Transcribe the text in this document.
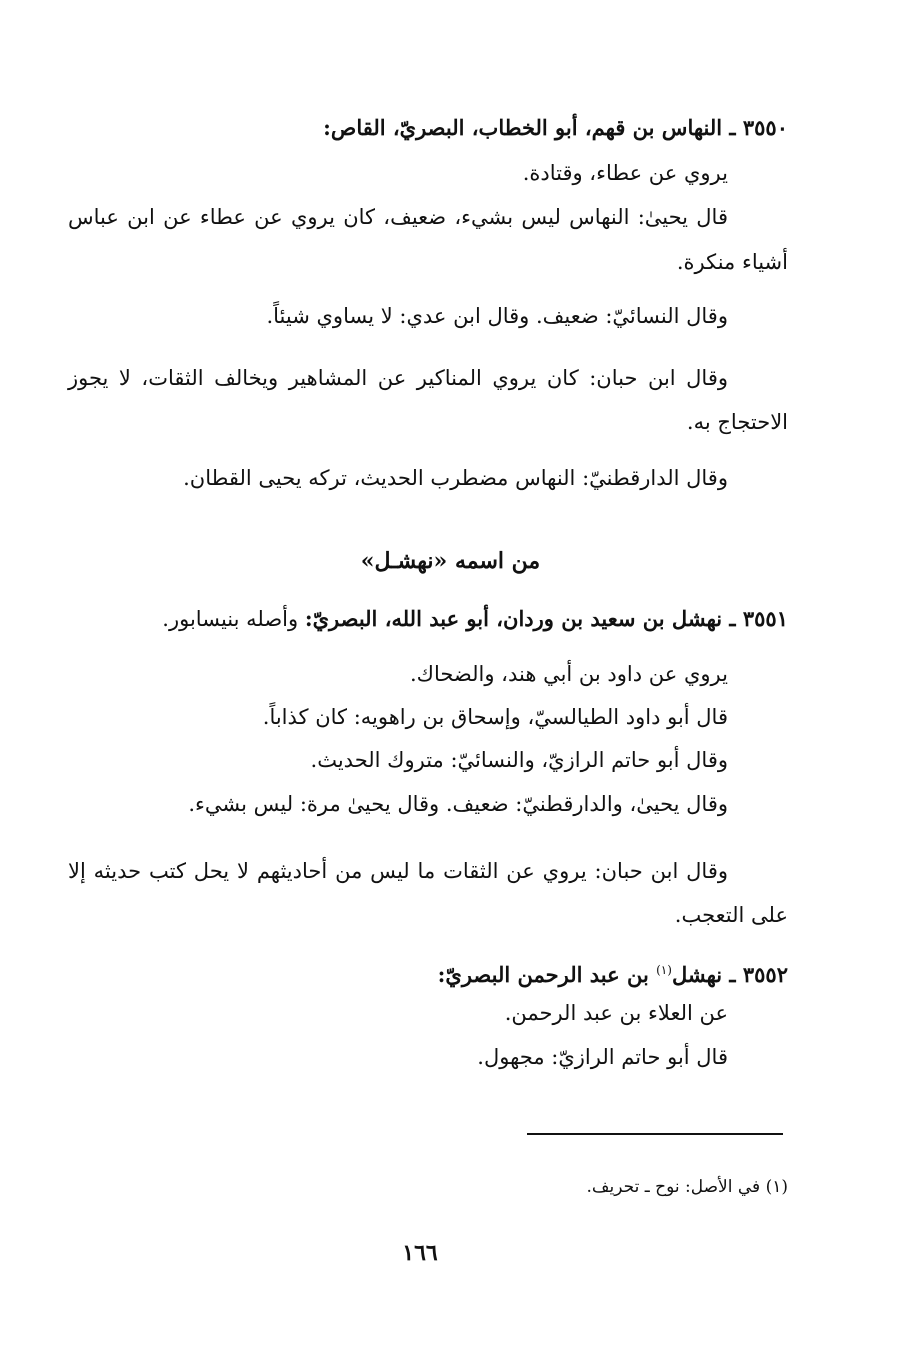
٣٥٥٠ ـ النهاس بن قهم، أبو الخطاب، البصريّ، القاص:
يروي عن عطاء، وقتادة.
قال يحيىٰ: النهاس ليس بشيء، ضعيف، كان يروي عن عطاء عن ابن عباس
أشياء منكرة.
وقال النسائيّ: ضعيف. وقال ابن عدي: لا يساوي شيئاً.
وقال ابن حبان: كان يروي المناكير عن المشاهير ويخالف الثقات، لا يجوز
الاحتجاج به.
وقال الدارقطنيّ: النهاس مضطرب الحديث، تركه يحيى القطان.
من اسمه «نهشـل»
٣٥٥١ ـ نهشل بن سعيد بن وردان، أبو عبد الله، البصريّ: وأصله بنيسابور.
يروي عن داود بن أبي هند، والضحاك.
قال أبو داود الطيالسيّ، وإسحاق بن راهويه: كان كذاباً.
وقال أبو حاتم الرازيّ، والنسائيّ: متروك الحديث.
وقال يحيىٰ، والدارقطنيّ: ضعيف. وقال يحيىٰ مرة: ليس بشيء.
وقال ابن حبان: يروي عن الثقات ما ليس من أحاديثهم لا يحل كتب حديثه إلا
على التعجب.
٣٥٥٢ ـ نهشل$^{(١)}$ بن عبد الرحمن البصريّ:
عن العلاء بن عبد الرحمن.
قال أبو حاتم الرازيّ: مجهول.
(١) في الأصل: نوح ـ تحريف.
١٦٦
